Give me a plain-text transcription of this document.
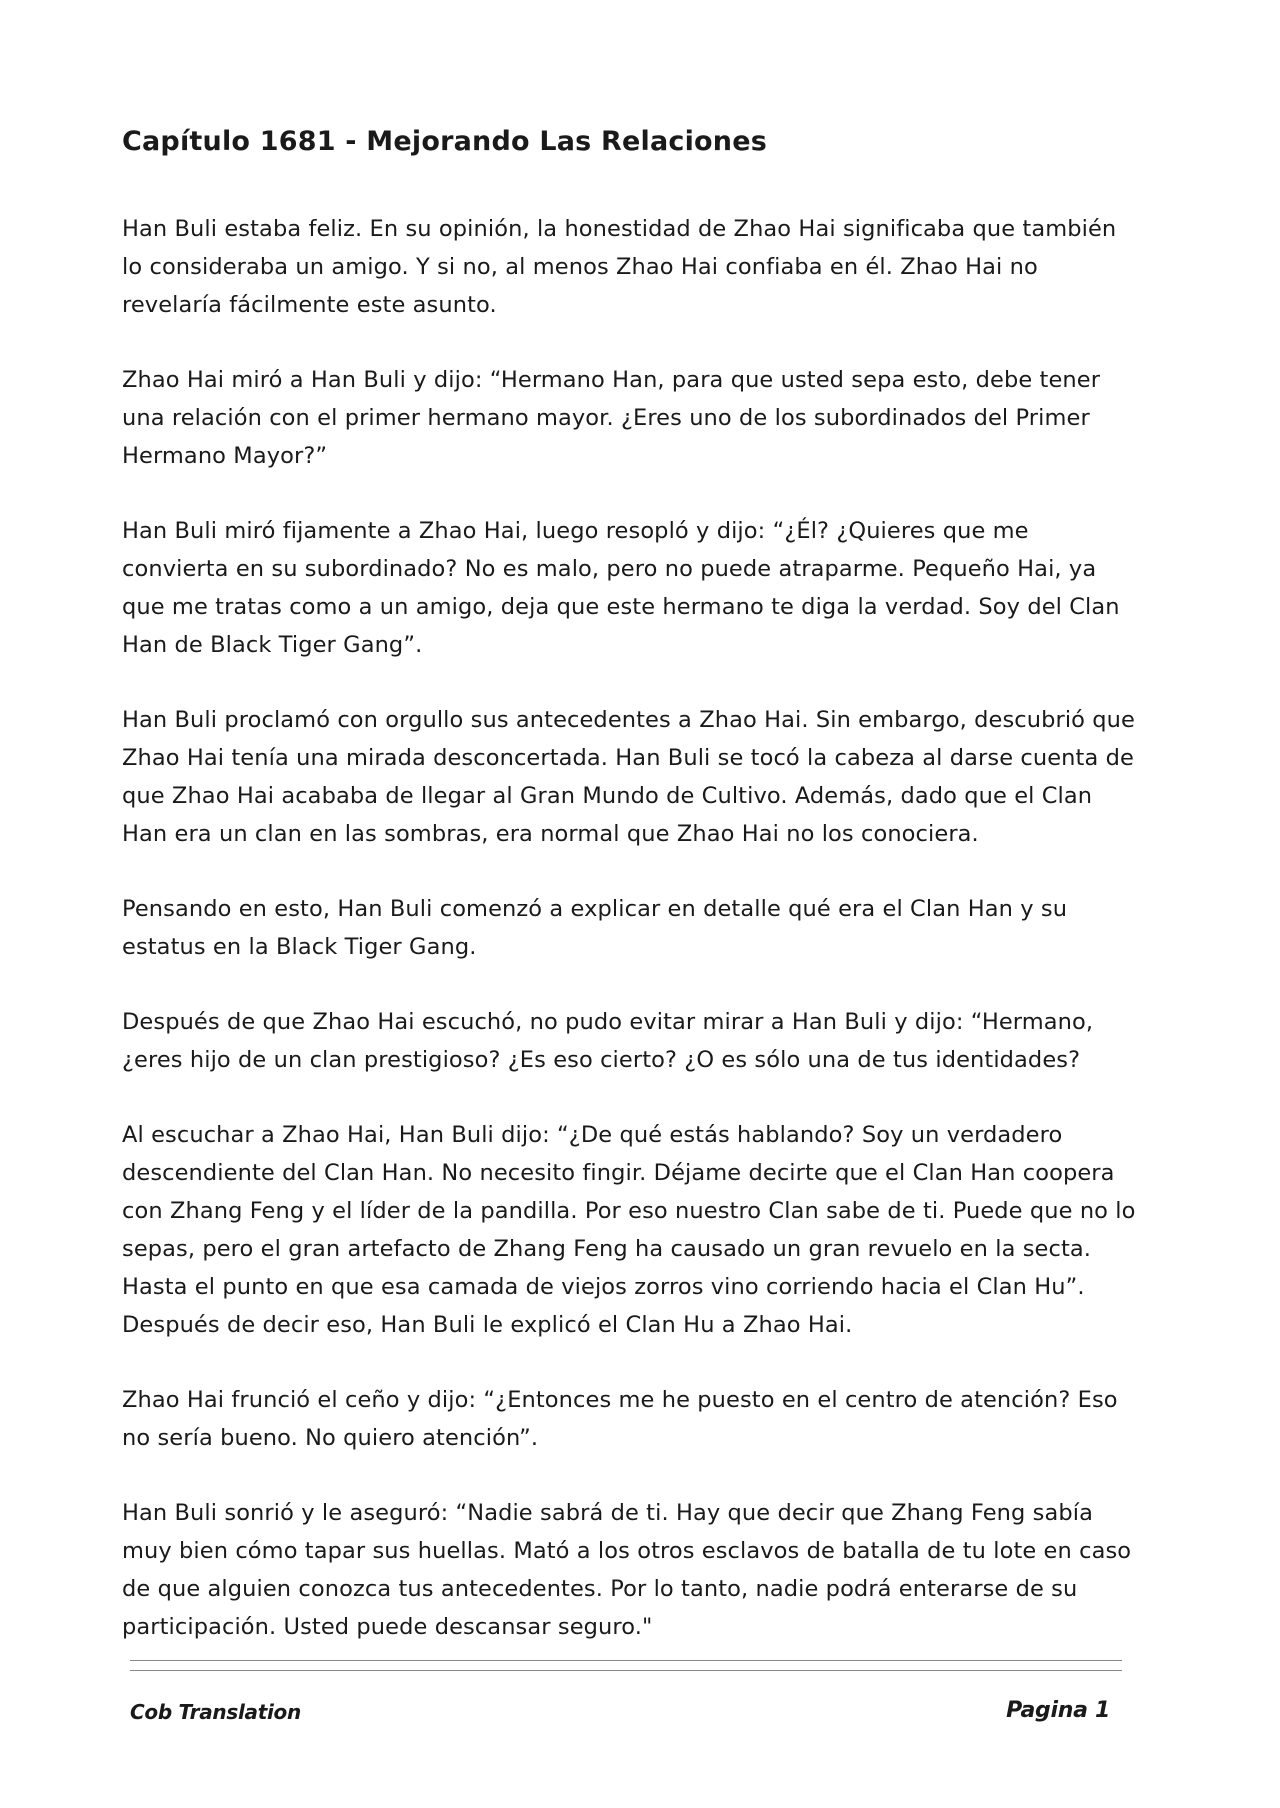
Capítulo 1681 - Mejorando Las Relaciones

Han Buli estaba feliz. En su opinión, la honestidad de Zhao Hai significaba que también lo consideraba un amigo. Y si no, al menos Zhao Hai confiaba en él. Zhao Hai no revelaría fácilmente este asunto.

Zhao Hai miró a Han Buli y dijo: “Hermano Han, para que usted sepa esto, debe tener una relación con el primer hermano mayor. ¿Eres uno de los subordinados del Primer Hermano Mayor?”

Han Buli miró fijamente a Zhao Hai, luego resopló y dijo: “¿Él? ¿Quieres que me convierta en su subordinado? No es malo, pero no puede atraparme. Pequeño Hai, ya que me tratas como a un amigo, deja que este hermano te diga la verdad. Soy del Clan Han de Black Tiger Gang”.

Han Buli proclamó con orgullo sus antecedentes a Zhao Hai. Sin embargo, descubrió que Zhao Hai tenía una mirada desconcertada. Han Buli se tocó la cabeza al darse cuenta de que Zhao Hai acababa de llegar al Gran Mundo de Cultivo. Además, dado que el Clan Han era un clan en las sombras, era normal que Zhao Hai no los conociera.

Pensando en esto, Han Buli comenzó a explicar en detalle qué era el Clan Han y su estatus en la Black Tiger Gang.

Después de que Zhao Hai escuchó, no pudo evitar mirar a Han Buli y dijo: “Hermano, ¿eres hijo de un clan prestigioso? ¿Es eso cierto? ¿O es sólo una de tus identidades?

Al escuchar a Zhao Hai, Han Buli dijo: “¿De qué estás hablando? Soy un verdadero descendiente del Clan Han. No necesito fingir. Déjame decirte que el Clan Han coopera con Zhang Feng y el líder de la pandilla. Por eso nuestro Clan sabe de ti. Puede que no lo sepas, pero el gran artefacto de Zhang Feng ha causado un gran revuelo en la secta. Hasta el punto en que esa camada de viejos zorros vino corriendo hacia el Clan Hu”. Después de decir eso, Han Buli le explicó el Clan Hu a Zhao Hai.

Zhao Hai frunció el ceño y dijo: “¿Entonces me he puesto en el centro de atención? Eso no sería bueno. No quiero atención”.

Han Buli sonrió y le aseguró: “Nadie sabrá de ti. Hay que decir que Zhang Feng sabía muy bien cómo tapar sus huellas. Mató a los otros esclavos de batalla de tu lote en caso de que alguien conozca tus antecedentes. Por lo tanto, nadie podrá enterarse de su participación. Usted puede descansar seguro."

Cob Translation	Pagina 1
